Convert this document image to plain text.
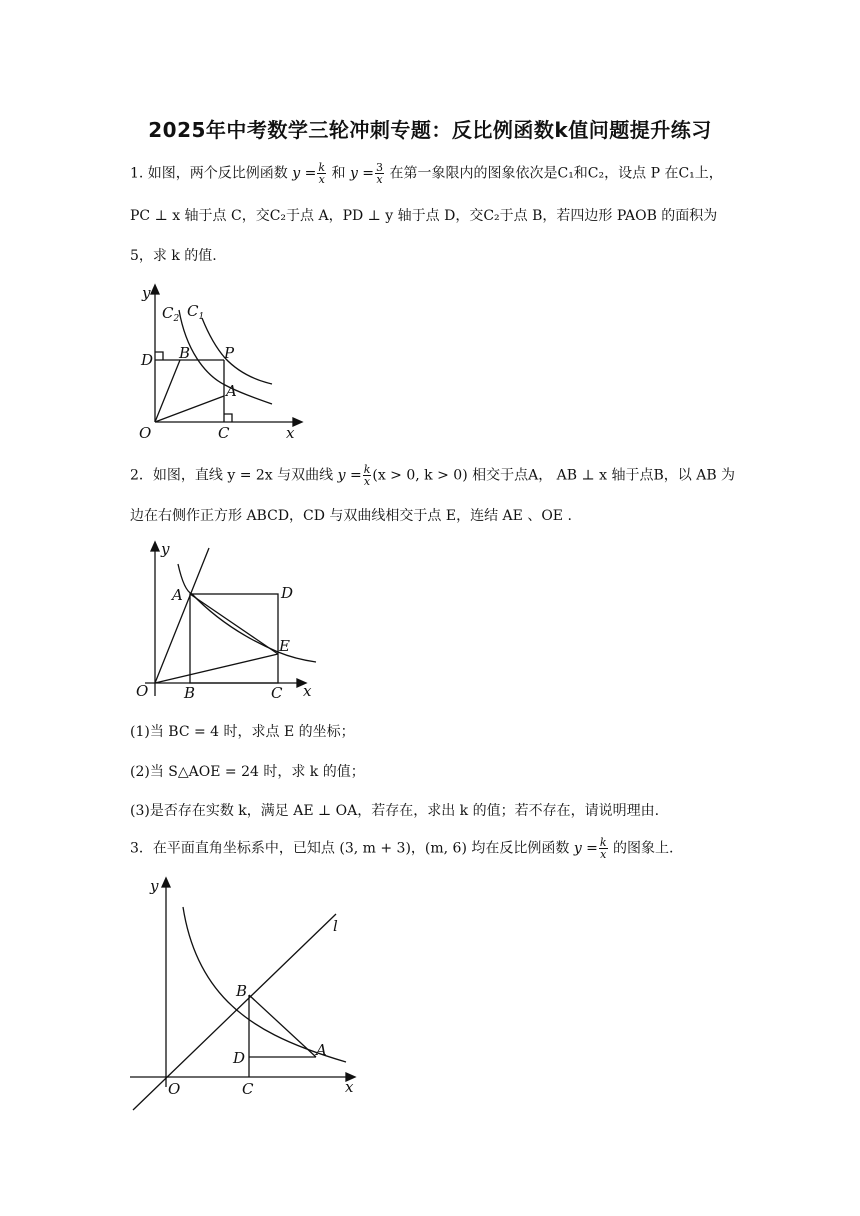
2025年中考数学三轮冲刺专题：反比例函数k值问题提升练习
1. 如图，两个反比例函数 $y = \frac{k}{x}$ 和 $y = \frac{3}{x}$ 在第一象限内的图象依次是C₁和C₂，设点 P 在C₁上，
PC ⊥ x 轴于点 C，交C₂于点 A，PD ⊥ y 轴于点 D，交C₂于点 B，若四边形 PAOB 的面积为
5，求 k 的值.
y
x
O	C
D B P
A
$C_2$ $C_1$
2．如图，直线 y = 2x 与双曲线 $y = \frac{k}{x} (x > 0$, k > 0) 相交于点A， AB ⊥ x 轴于点B，以 AB 为
边在右侧作正方形 ABCD，CD 与双曲线相交于点 E，连结 AE 、OE .
y
x
O B	C
A	D
E
(1)当 BC = 4 时，求点 E 的坐标；
(2)当 S△AOE = 24 时，求 k 的值；
(3)是否存在实数 k，满足 AE ⊥ OA，若存在，求出 k 的值；若不存在，请说明理由.
3．在平面直角坐标系中，已知点 (3, m + 3)，(m, 6) 均在反比例函数 $y = \frac{k}{x}$ 的图象上.
y
x
O	C
D
B
A
l
